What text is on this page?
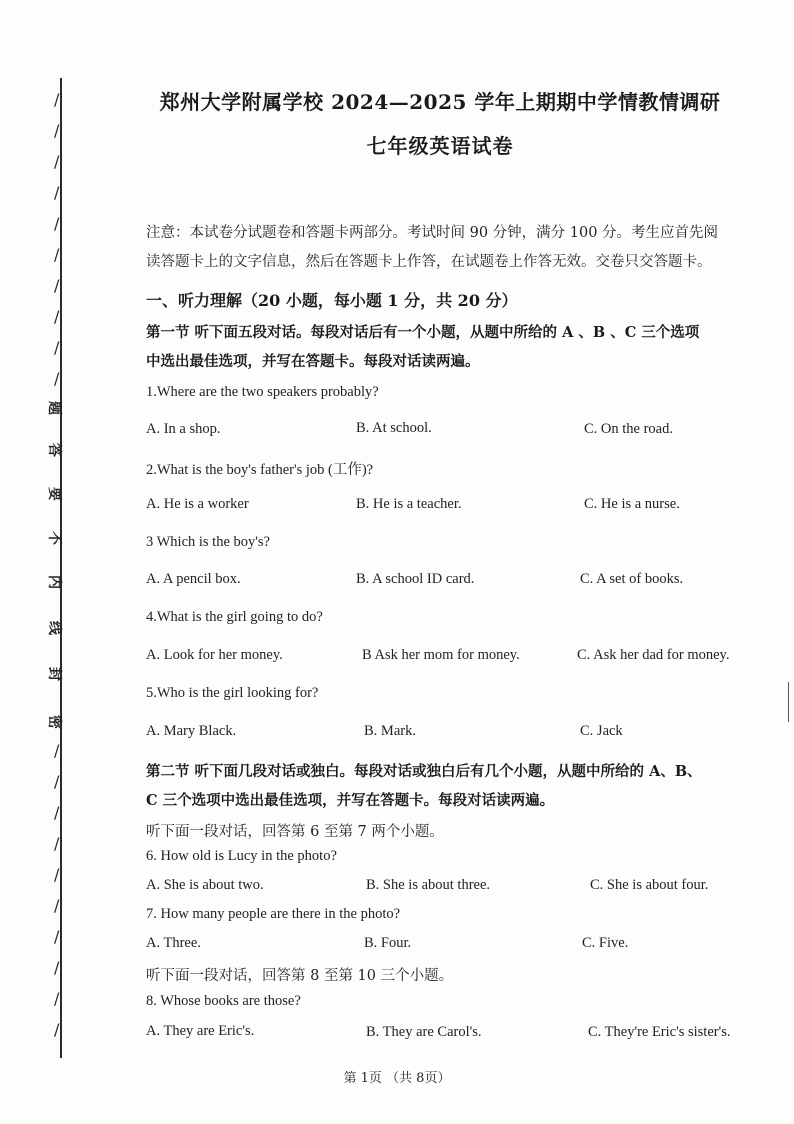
/
/
/
/
/
/
/
/
/
/
/
/
/
/
/
/
/
/
/
/
题
答
要
不
内
线
封
密
郑州大学附属学校 2024—2025 学年上期期中学情教情调研
七年级英语试卷
注意：本试卷分试题卷和答题卡两部分。考试时间 90 分钟，满分 100 分。考生应首先阅
读答题卡上的文字信息，然后在答题卡上作答，在试题卷上作答无效。交卷只交答题卡。
一、听力理解（20 小题，每小题 1 分，共 20 分）
第一节 听下面五段对话。每段对话后有一个小题，从题中所给的 A 、B 、C 三个选项
中选出最佳选项，并写在答题卡。每段对话读两遍。
1.Where are the two speakers probably?
A. In a shop.	B. At school.	C. On the road.
2.What is the boy's father's job (工作)?
A. He is a worker	B. He is a teacher.	C. He is a nurse.
3 Which is the boy's?
A. A pencil box.	B. A school ID card.	C. A set of books.
4.What is the girl going to do?
A. Look for her money.	B Ask her mom for money.	C. Ask her dad for money.
5.Who is the girl looking for?
A. Mary Black.	B. Mark.	C. Jack
第二节 听下面几段对话或独白。每段对话或独白后有几个小题，从题中所给的 A、B、
C 三个选项中选出最佳选项，并写在答题卡。每段对话读两遍。
听下面一段对话，回答第 6 至第 7 两个小题。
6. How old is Lucy in the photo?
A. She is about two.	B. She is about three.	C. She is about four.
7. How many people are there in the photo?
A. Three.	B. Four.	C. Five.
听下面一段对话，回答第 8 至第 10 三个小题。
8. Whose books are those?
A. They are Eric's.	B. They are Carol's.	C. They're Eric's sister's.
第 1页 （共 8页）
